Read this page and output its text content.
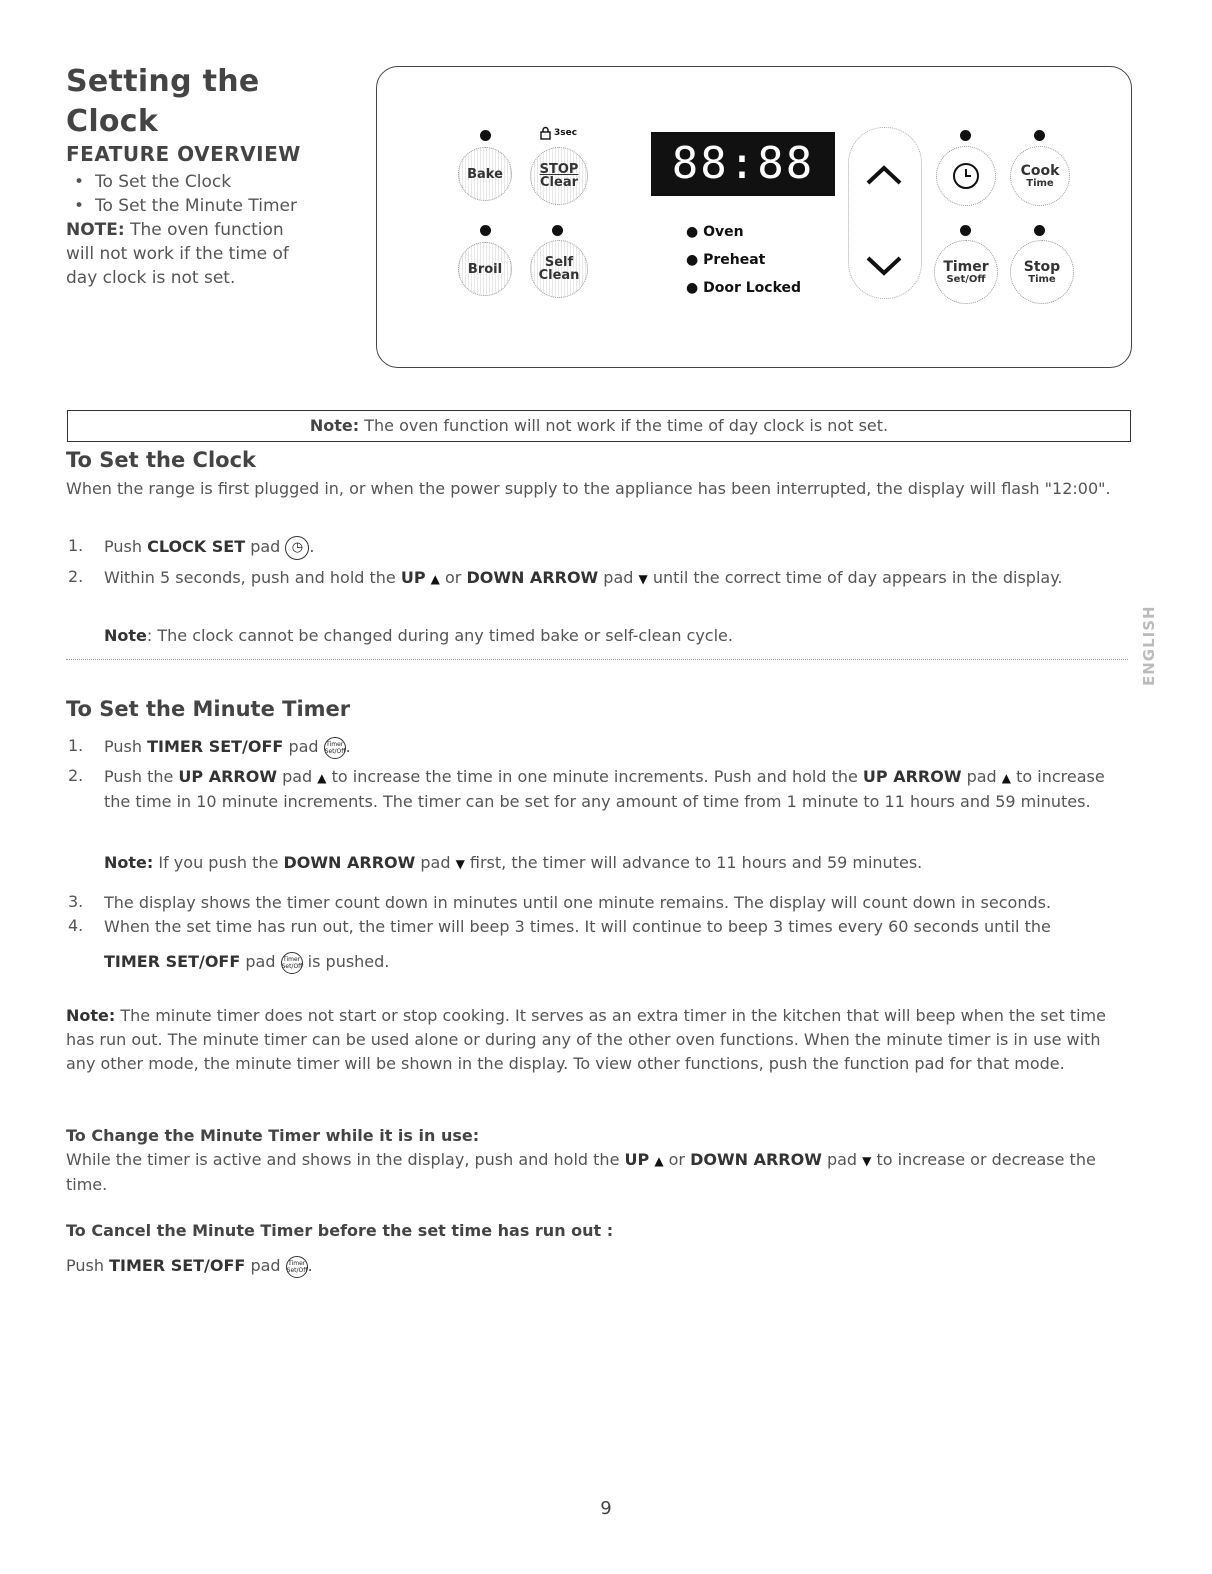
Setting the
Clock
FEATURE OVERVIEW
• To Set the Clock
• To Set the Minute Timer
NOTE: The oven function will not work if the time of day clock is not set.
3sec
Bake	STOP
Clear
Broil	Self
Clean
88:88
● Oven
● Preheat
● Door Locked
Cook
Time
Timer
Set/Off
Stop
Time
Note: The oven function will not work if the time of day clock is not set.
To Set the Clock
When the range is first plugged in, or when the power supply to the appliance has been interrupted, the display will flash "12:00".
1. Push CLOCK SET pad ◷ .
2. Within 5 seconds, push and hold the UP ▲ or DOWN ARROW pad ▼ until the correct time of day appears in the display.
Note: The clock cannot be changed during any timed bake or self-clean cycle.	ENGLISH
To Set the Minute Timer
1. Push TIMER SET/OFF pad Timer
Set/Off.
2. Push the UP ARROW pad ▲ to increase the time in one minute increments. Push and hold the UP ARROW pad ▲ to increase the time in 10 minute increments. The timer can be set for any amount of time from 1 minute to 11 hours and 59 minutes.
Note: If you push the DOWN ARROW pad ▼ first, the timer will advance to 11 hours and 59 minutes.
3. The display shows the timer count down in minutes until one minute remains. The display will count down in seconds.
4. When the set time has run out, the timer will beep 3 times. It will continue to beep 3 times every 60 seconds until the
TIMER SET/OFF pad Timer
Set/Off is pushed.
Note: The minute timer does not start or stop cooking. It serves as an extra timer in the kitchen that will beep when the set time has run out. The minute timer can be used alone or during any of the other oven functions. When the minute timer is in use with any other mode, the minute timer will be shown in the display. To view other functions, push the function pad for that mode.
To Change the Minute Timer while it is in use:
While the timer is active and shows in the display, push and hold the UP ▲ or DOWN ARROW pad ▼ to increase or decrease the time.
To Cancel the Minute Timer before the set time has run out :
Push TIMER SET/OFF pad Timer
Set/Off.
9
